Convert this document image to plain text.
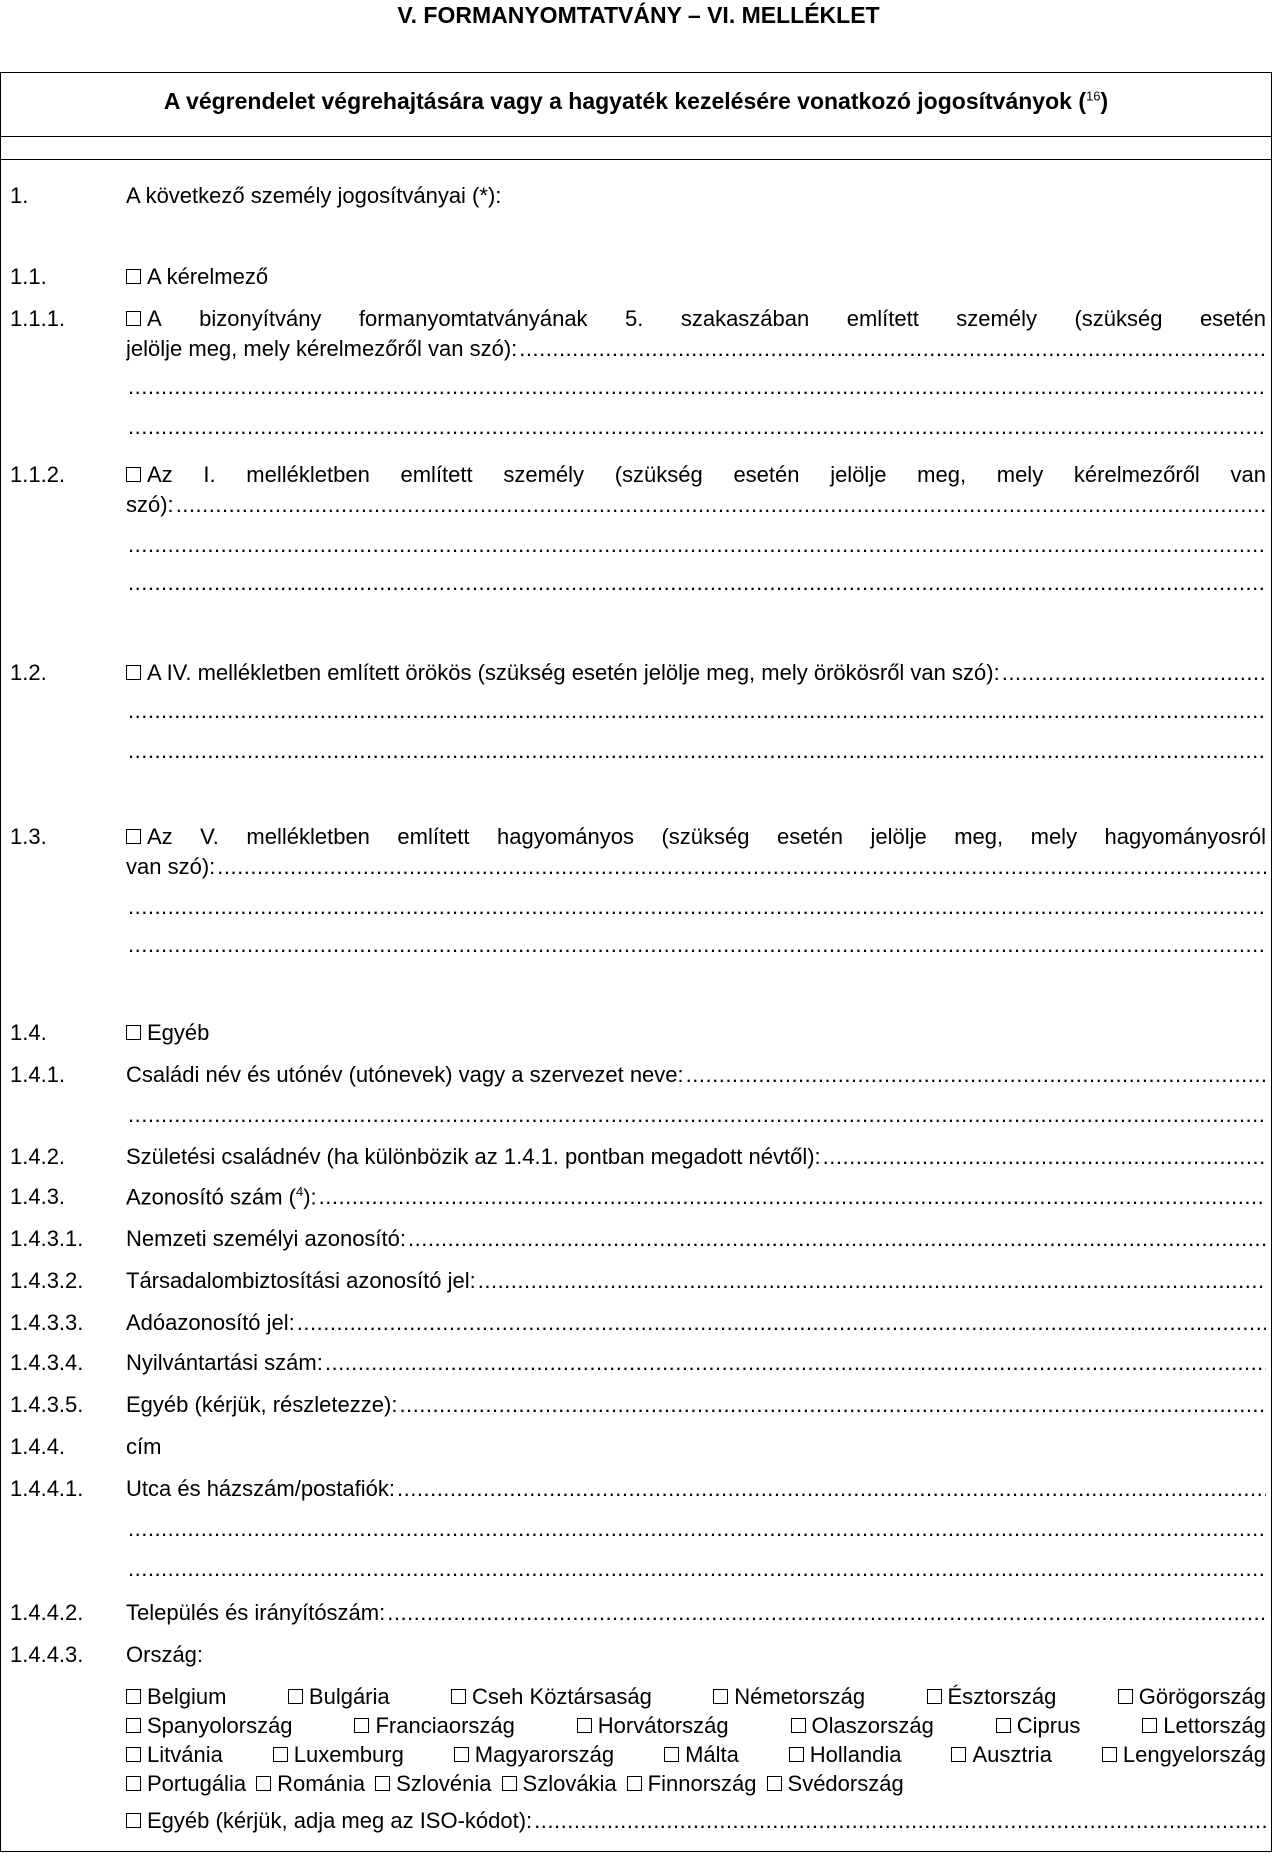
V. FORMANYOMTATVÁNY – VI. MELLÉKLET
A végrendelet végrehajtására vagy a hagyaték kezelésére vonatkozó jogosítványok ($^{16}$)
1.	A következő személy jogosítványai (*):
1.1.	A kérelmező
1.1.1.	A bizonyítvány formanyomtatványának 5. szakaszában említett személy (szükség esetén
jelölje meg, mely kérelmezőről van szó):
.....
.....
.....
1.1.2.	Az I. mellékletben említett személy (szükség esetén jelölje meg, mely kérelmezőről van
szó):
.....
.....
.....
1.2.	A IV. mellékletben említett örökös (szükség esetén jelölje meg, mely örökösről van szó):
.....
.....
.....
1.3.	Az V. mellékletben említett hagyományos (szükség esetén jelölje meg, mely hagyományosról
van szó):
.....
.....
.....
1.4.	Egyéb
1.4.1.	Családi név és utónév (utónevek) vagy a szervezet neve:
.....
.....
1.4.2.	Születési családnév (ha különbözik az 1.4.1. pontban megadott névtől):
.....
1.4.3.	Azonosító szám ($^4$):
.....
1.4.3.1. Nemzeti személyi azonosító:
.....
1.4.3.2. Társadalombiztosítási azonosító jel:
.....
1.4.3.3. Adóazonosító jel:
.....
1.4.3.4. Nyilvántartási szám:
.....
1.4.3.5. Egyéb (kérjük, részletezze):
.....
1.4.4.	cím
1.4.4.1. Utca és házszám/postafiók:
.....
.....
.....
1.4.4.2. Település és irányítószám:
.....
1.4.4.3. Ország:
Belgium	Bulgária	Cseh Köztársaság	Németország	Észtország	Görögország
Spanyolország	Franciaország	Horvátország	Olaszország	Ciprus	Lettország
Litvánia	Luxemburg	Magyarország	Málta	Hollandia	Ausztria	Lengyelország
Portugália Románia Szlovénia Szlovákia Finnország Svédország
Egyéb (kérjük, adja meg az ISO-kódot):
.....
